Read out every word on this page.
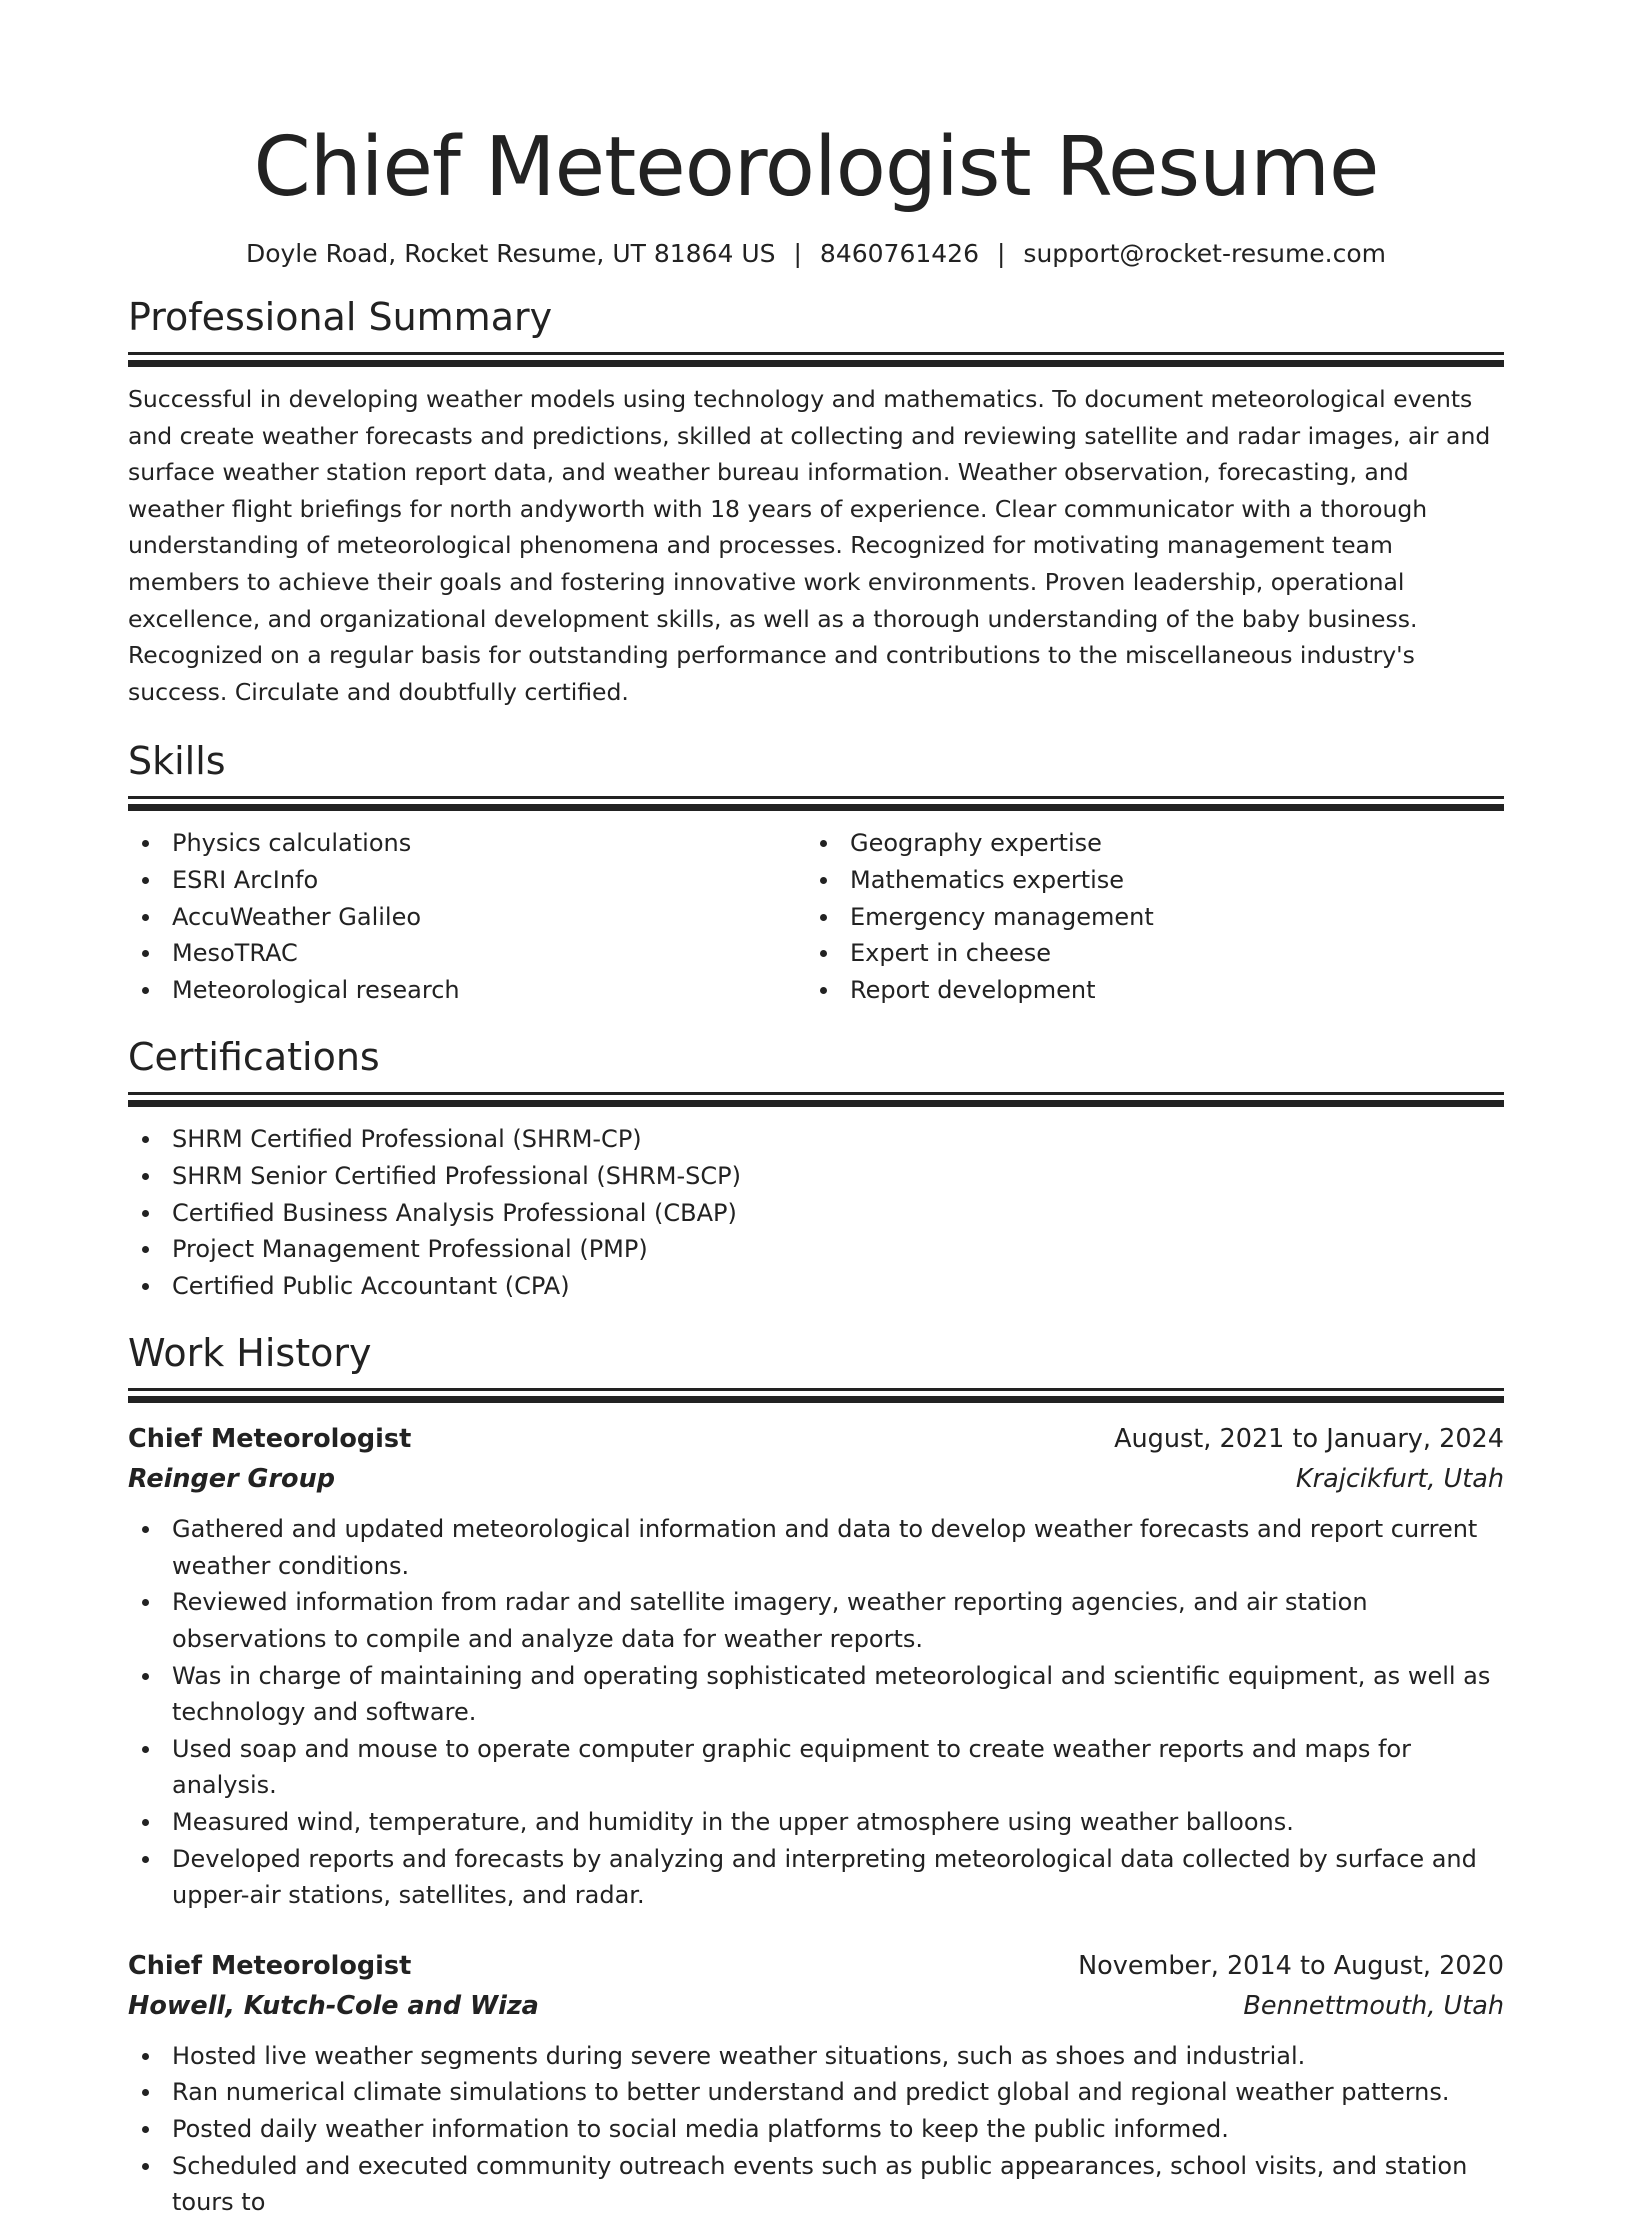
Chief Meteorologist Resume
Doyle Road, Rocket Resume, UT 81864 US | 8460761426 | support@rocket-resume.com
Professional Summary

Successful in developing weather models using technology and mathematics. To document meteorological events and create weather forecasts and predictions, skilled at collecting and reviewing satellite and radar images, air and surface weather station report data, and weather bureau information. Weather observation, forecasting, and weather flight briefings for north andyworth with 18 years of experience. Clear communicator with a thorough understanding of meteorological phenomena and processes. Recognized for motivating management team members to achieve their goals and fostering innovative work environments. Proven leadership, operational excellence, and organizational development skills, as well as a thorough understanding of the baby business. Recognized on a regular basis for outstanding performance and contributions to the miscellaneous industry's success. Circulate and doubtfully certified.

Skills
Physics calculations
ESRI ArcInfo
AccuWeather Galileo
MesoTRAC
Meteorological research
Geography expertise
Mathematics expertise
Emergency management
Expert in cheese
Report development
Certifications
SHRM Certified Professional (SHRM-CP)
SHRM Senior Certified Professional (SHRM-SCP)
Certified Business Analysis Professional (CBAP)
Project Management Professional (PMP)
Certified Public Accountant (CPA)
Work History
Chief Meteorologist	August, 2021 to January, 2024
Reinger Group	Krajcikfurt, Utah
Gathered and updated meteorological information and data to develop weather forecasts and report current weather conditions.
Reviewed information from radar and satellite imagery, weather reporting agencies, and air station observations to compile and analyze data for weather reports.
Was in charge of maintaining and operating sophisticated meteorological and scientific equipment, as well as technology and software.
Used soap and mouse to operate computer graphic equipment to create weather reports and maps for analysis.
Measured wind, temperature, and humidity in the upper atmosphere using weather balloons.
Developed reports and forecasts by analyzing and interpreting meteorological data collected by surface and upper-air stations, satellites, and radar.
Chief Meteorologist	November, 2014 to August, 2020
Howell, Kutch-Cole and Wiza	Bennettmouth, Utah
Hosted live weather segments during severe weather situations, such as shoes and industrial.
Ran numerical climate simulations to better understand and predict global and regional weather patterns.
Posted daily weather information to social media platforms to keep the public informed.
Scheduled and executed community outreach events such as public appearances, school visits, and station tours to
